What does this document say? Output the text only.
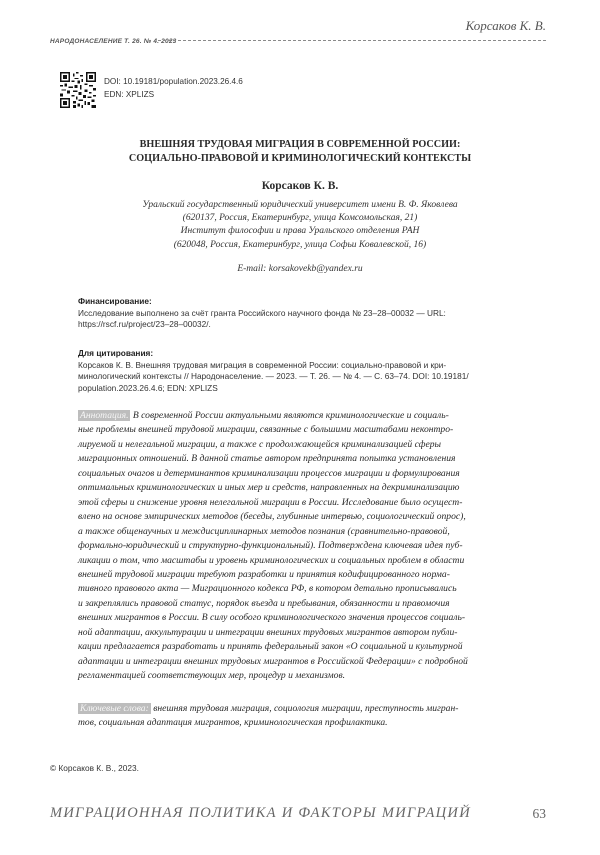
Корсаков К. В.
НАРОДОНАСЕЛЕНИЕ Т. 26. № 4. 2023
DOI: 10.19181/population.2023.26.4.6
EDN: XPLIZS
ВНЕШНЯЯ ТРУДОВАЯ МИГРАЦИЯ В СОВРЕМЕННОЙ РОССИИ:
СОЦИАЛЬНО-ПРАВОВОЙ И КРИМИНОЛОГИЧЕСКИЙ КОНТЕКСТЫ
Корсаков К. В.
Уральский государственный юридический университет имени В. Ф. Яковлева
(620137, Россия, Екатеринбург, улица Комсомольская, 21)
Институт философии и права Уральского отделения РАН
(620048, Россия, Екатеринбург, улица Софьи Ковалевской, 16)
E-mail: korsakovekb@yandex.ru
Финансирование:
Исследование выполнено за счёт гранта Российского научного фонда № 23–28–00032 — URL:
https://rscf.ru/project/23–28–00032/.
Для цитирования:
Корсаков К. В. Внешняя трудовая миграция в современной России: социально-правовой и кри-
минологический контексты // Народонаселение. — 2023. — Т. 26. — № 4. — С. 63–74. DOI: 10.19181/
population.2023.26.4.6; EDN: XPLIZS
Аннотация. В современной России актуальными являются криминологические и социаль-
ные проблемы внешней трудовой миграции, связанные с большими масштабами неконтро-
лируемой и нелегальной миграции, а также с продолжающейся криминализацией сферы
миграционных отношений. В данной статье автором предпринята попытка установления
социальных очагов и детерминантов криминализации процессов миграции и формулирования
оптимальных криминологических и иных мер и средств, направленных на декриминализацию
этой сферы и снижение уровня нелегальной миграции в России. Исследование было осущест-
влено на основе эмпирических методов (беседы, глубинные интервью, социологический опрос),
а также общенаучных и междисциплинарных методов познания (сравнительно-правовой,
формально-юридический и структурно-функциональный). Подтверждена ключевая идея пуб-
ликации о том, что масштабы и уровень криминологических и социальных проблем в области
внешней трудовой миграции требуют разработки и принятия кодифицированного норма-
тивного правового акта — Миграционного кодекса РФ, в котором детально прописывались
и закреплялись правовой статус, порядок въезда и пребывания, обязанности и правомочия
внешних мигрантов в России. В силу особого криминологического значения процессов социаль-
ной адаптации, аккультурации и интеграции внешних трудовых мигрантов автором публи-
кации предлагается разработать и принять федеральный закон «О социальной и культурной
адаптации и интеграции внешних трудовых мигрантов в Российской Федерации» с подробной
регламентацией соответствующих мер, процедур и механизмов.
Ключевые слова: внешняя трудовая миграция, социология миграции, преступность мигран-
тов, социальная адаптация мигрантов, криминологическая профилактика.
© Корсаков К. В., 2023.
МИГРАЦИОННАЯ ПОЛИТИКА И ФАКТОРЫ МИГРАЦИЙ	63
